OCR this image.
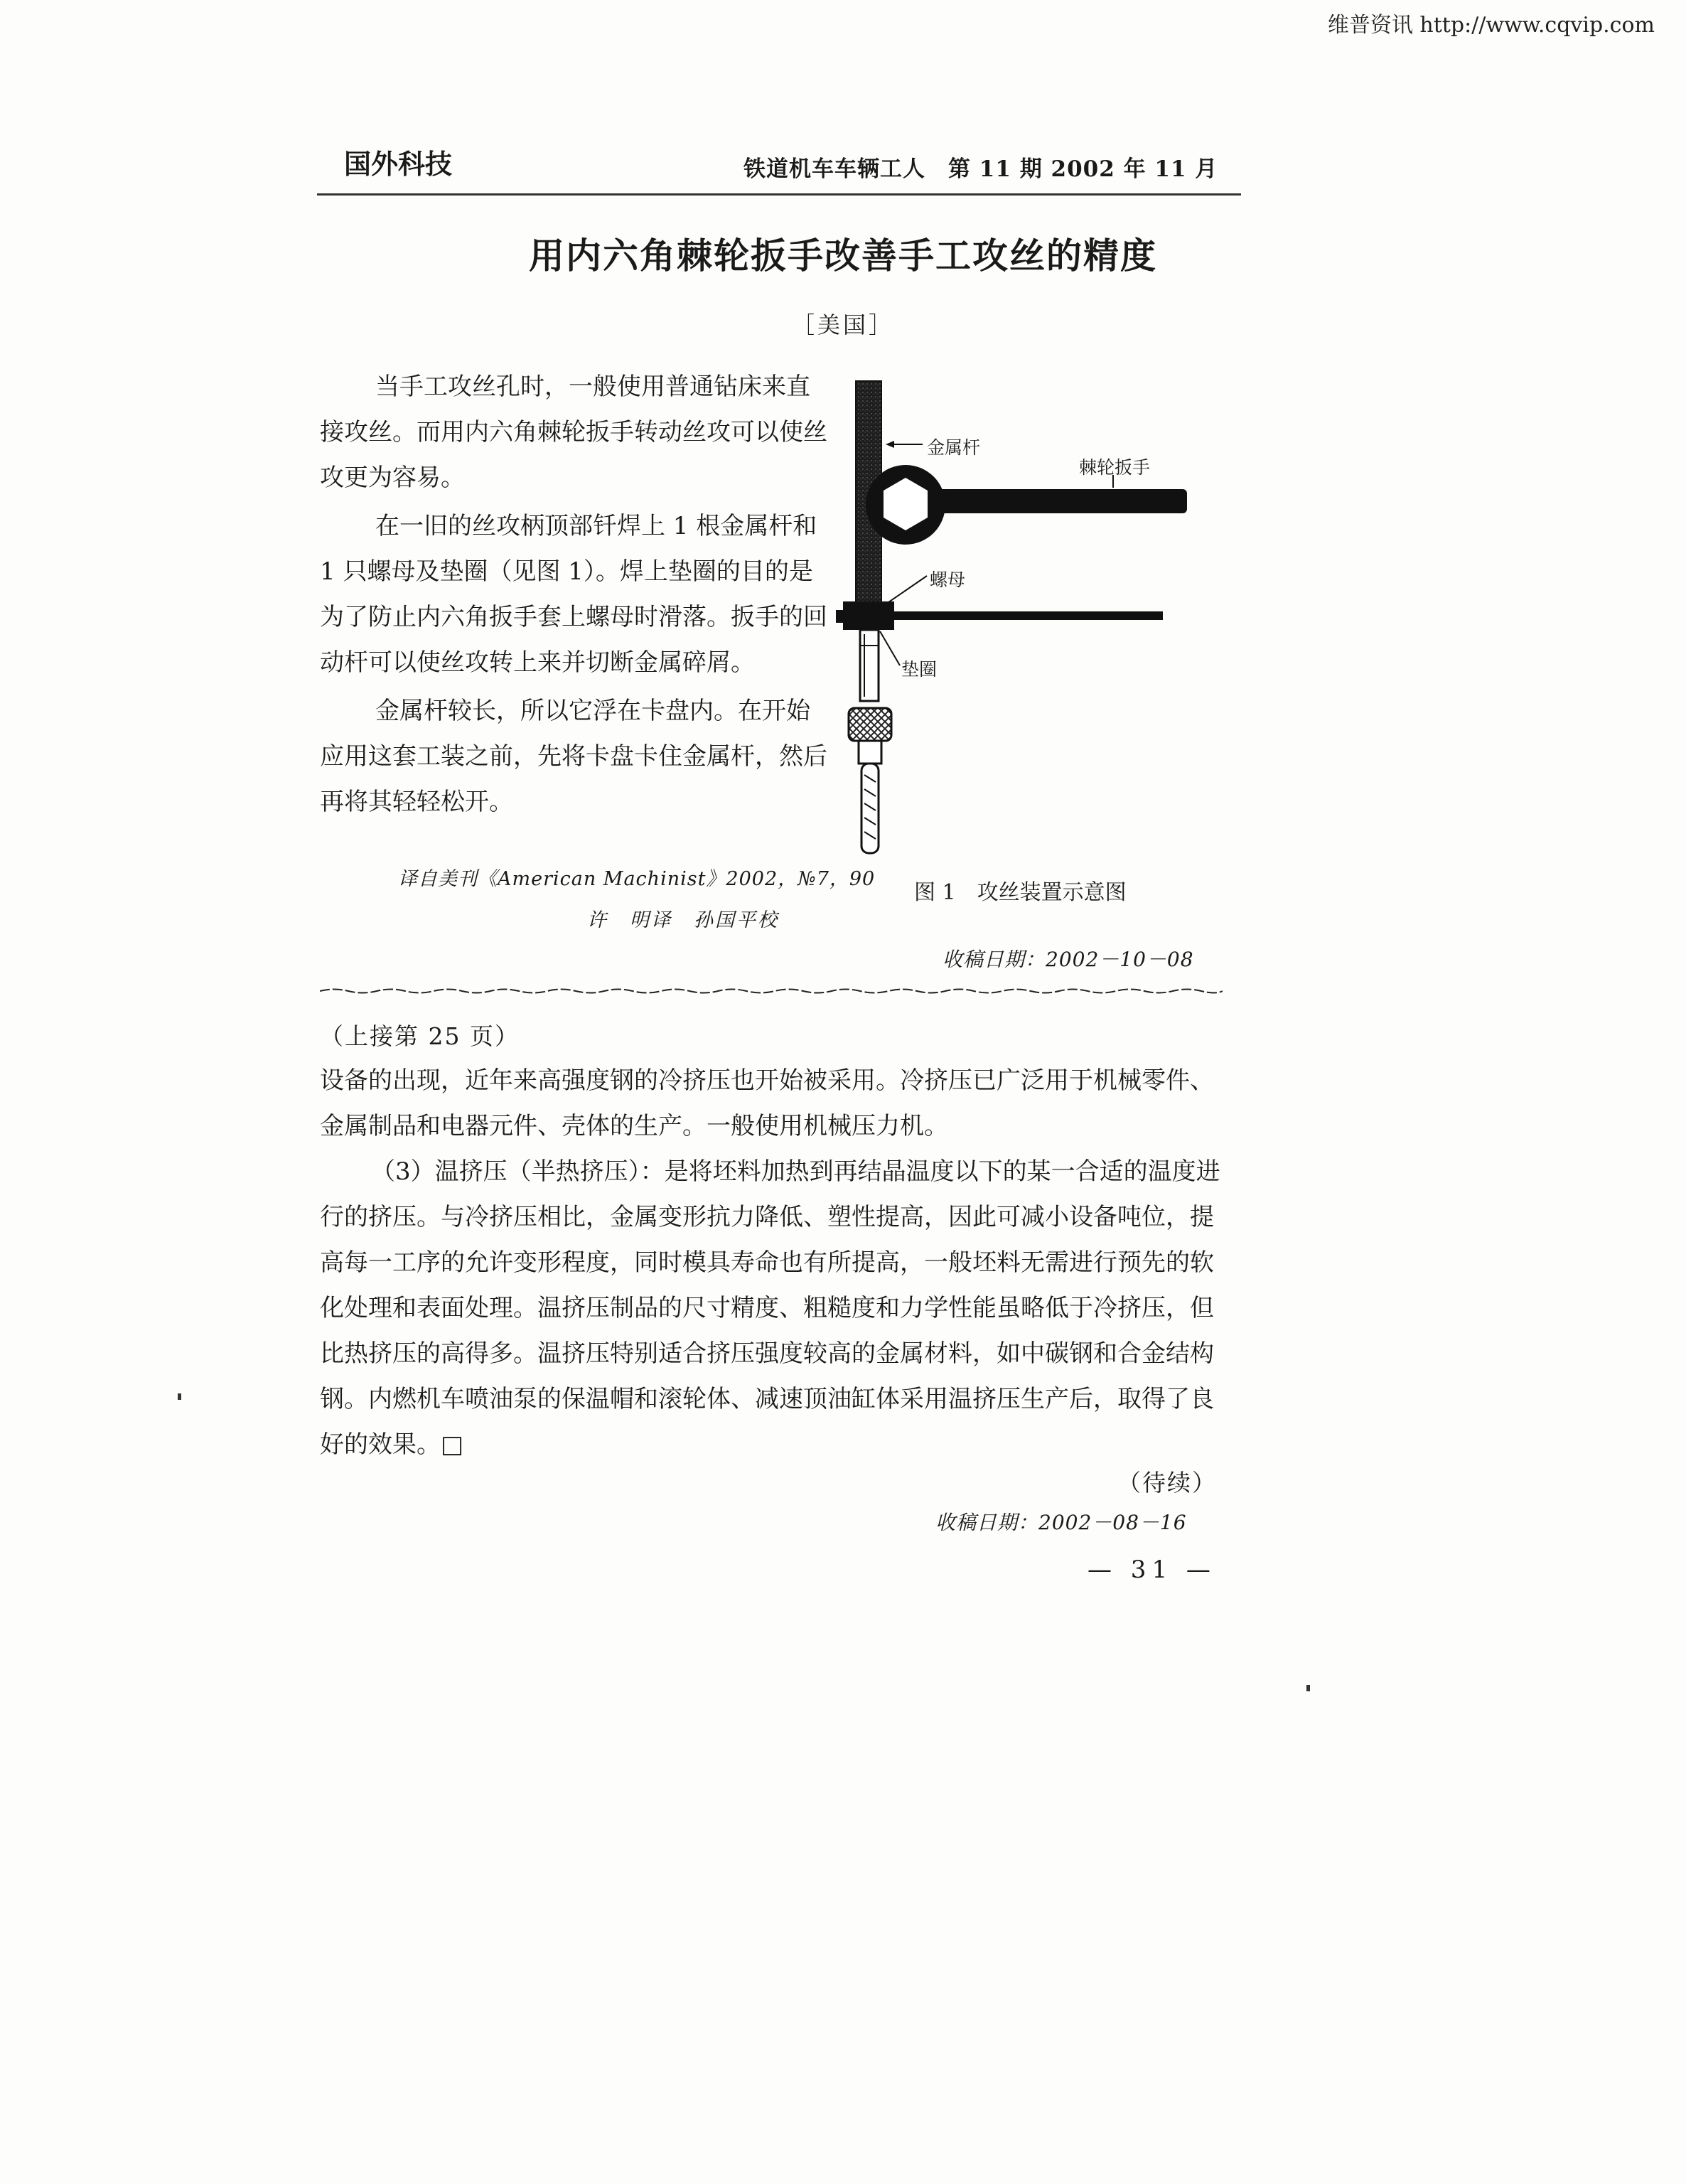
维普资讯 http://www.cqvip.com
国外科技	铁道机车车辆工人　第 11 期 2002 年 11 月
用内六角棘轮扳手改善手工攻丝的精度
［美国］

当手工攻丝孔时，一般使用普通钻床来直接攻丝。而用内六角棘轮扳手转动丝攻可以使丝攻更为容易。

在一旧的丝攻柄顶部钎焊上 1 根金属杆和 1 只螺母及垫圈（见图 1）。焊上垫圈的目的是为了防止内六角扳手套上螺母时滑落。扳手的回动杆可以使丝攻转上来并切断金属碎屑。

金属杆较长，所以它浮在卡盘内。在开始应用这套工装之前，先将卡盘卡住金属杆，然后再将其轻轻松开。

译自美刊《American Machinist》2002，№7，90
许　明译　孙国平校
金属杆
棘轮扳手
螺母
垫圈
图 1　攻丝装置示意图
收稿日期：2002－10－08
（上接第 25 页）

设备的出现，近年来高强度钢的冷挤压也开始被采用。冷挤压已广泛用于机械零件、金属制品和电器元件、壳体的生产。一般使用机械压力机。

（3）温挤压（半热挤压）：是将坯料加热到再结晶温度以下的某一合适的温度进行的挤压。与冷挤压相比，金属变形抗力降低、塑性提高，因此可减小设备吨位，提高每一工序的允许变形程度，同时模具寿命也有所提高，一般坯料无需进行预先的软化处理和表面处理。温挤压制品的尺寸精度、粗糙度和力学性能虽略低于冷挤压，但比热挤压的高得多。温挤压特别适合挤压强度较高的金属材料，如中碳钢和合金结构钢。内燃机车喷油泵的保温帽和滚轮体、减速顶油缸体采用温挤压生产后，取得了良好的效果。□

（待续）
收稿日期：2002－08－16
— 31 —
